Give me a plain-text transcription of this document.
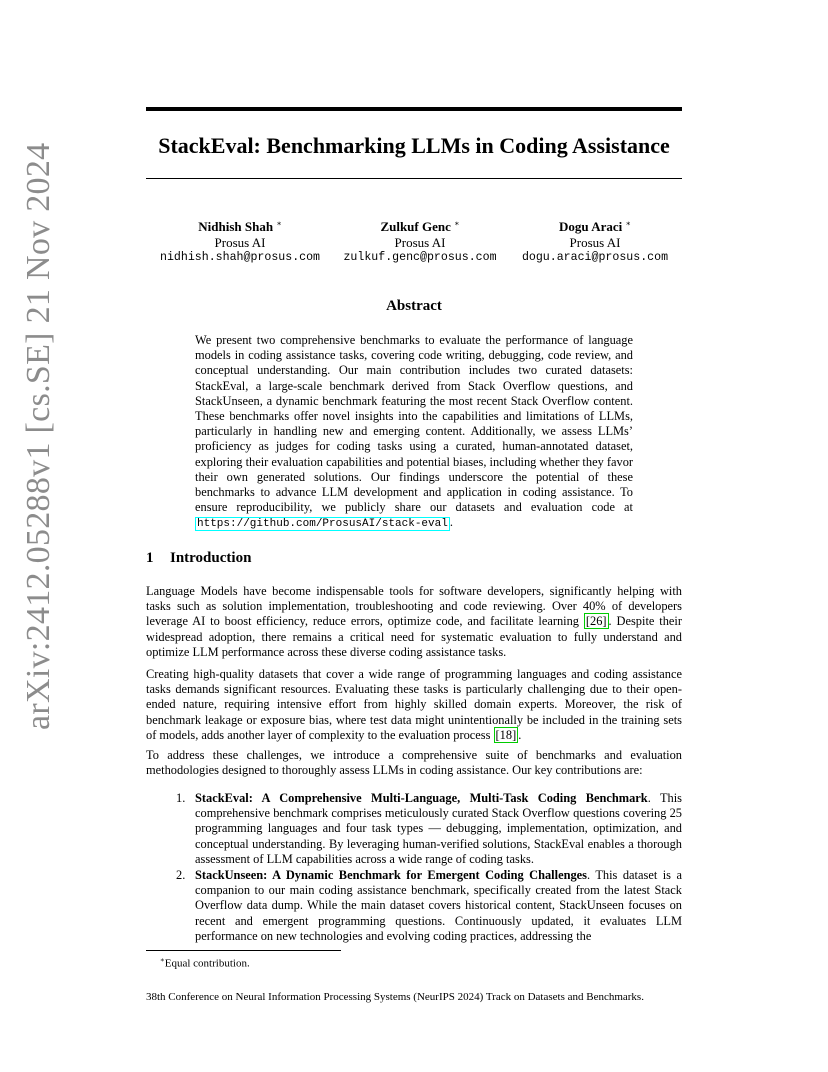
arXiv:2412.05288v1 [cs.SE] 21 Nov 2024	StackEval: Benchmarking LLMs in Coding Assistance
Nidhish Shah ∗
Prosus AI
nidhish.shah@prosus.com
Zulkuf Genc ∗
Prosus AI
zulkuf.genc@prosus.com
Dogu Araci ∗
Prosus AI
dogu.araci@prosus.com
Abstract
We present two comprehensive benchmarks to evaluate the performance of language models in coding assistance tasks, covering code writing, debugging, code review, and conceptual understanding. Our main contribution includes two curated datasets: StackEval, a large-scale benchmark derived from Stack Overflow questions, and StackUnseen, a dynamic benchmark featuring the most recent Stack Overflow content. These benchmarks offer novel insights into the capabilities and limitations of LLMs, particularly in handling new and emerging content. Additionally, we assess LLMs’ proficiency as judges for coding tasks using a curated, human-annotated dataset, exploring their evaluation capabilities and potential biases, including whether they favor their own generated solutions. Our findings underscore the potential of these benchmarks to advance LLM development and application in coding assistance. To ensure reproducibility, we publicly share our datasets and evaluation code at https://github.com/ProsusAI/stack-eval .
1 Introduction

Language Models have become indispensable tools for software developers, significantly helping with tasks such as solution implementation, troubleshooting and code reviewing. Over 40% of developers leverage AI to boost efficiency, reduce errors, optimize code, and facilitate learning [26] . Despite their widespread adoption, there remains a critical need for systematic evaluation to fully understand and optimize LLM performance across these diverse coding assistance tasks.

Creating high-quality datasets that cover a wide range of programming languages and coding assistance tasks demands significant resources. Evaluating these tasks is particularly challenging due to their open-ended nature, requiring intensive effort from highly skilled domain experts. Moreover, the risk of benchmark leakage or exposure bias, where test data might unintentionally be included in the training sets of models, adds another layer of complexity to the evaluation process [18] .

To address these challenges, we introduce a comprehensive suite of benchmarks and evaluation methodologies designed to thoroughly assess LLMs in coding assistance. Our key contributions are:

1. StackEval: A Comprehensive Multi-Language, Multi-Task Coding Benchmark. This comprehensive benchmark comprises meticulously curated Stack Overflow questions covering 25 programming languages and four task types — debugging, implementation, optimization, and conceptual understanding. By leveraging human-verified solutions, StackEval enables a thorough assessment of LLM capabilities across a wide range of coding tasks.
2. StackUnseen: A Dynamic Benchmark for Emergent Coding Challenges. This dataset is a companion to our main coding assistance benchmark, specifically created from the latest Stack Overflow data dump. While the main dataset covers historical content, StackUnseen focuses on recent and emergent programming questions. Continuously updated, it evaluates LLM performance on new technologies and evolving coding practices, addressing the
∗Equal contribution.
38th Conference on Neural Information Processing Systems (NeurIPS 2024) Track on Datasets and Benchmarks.
